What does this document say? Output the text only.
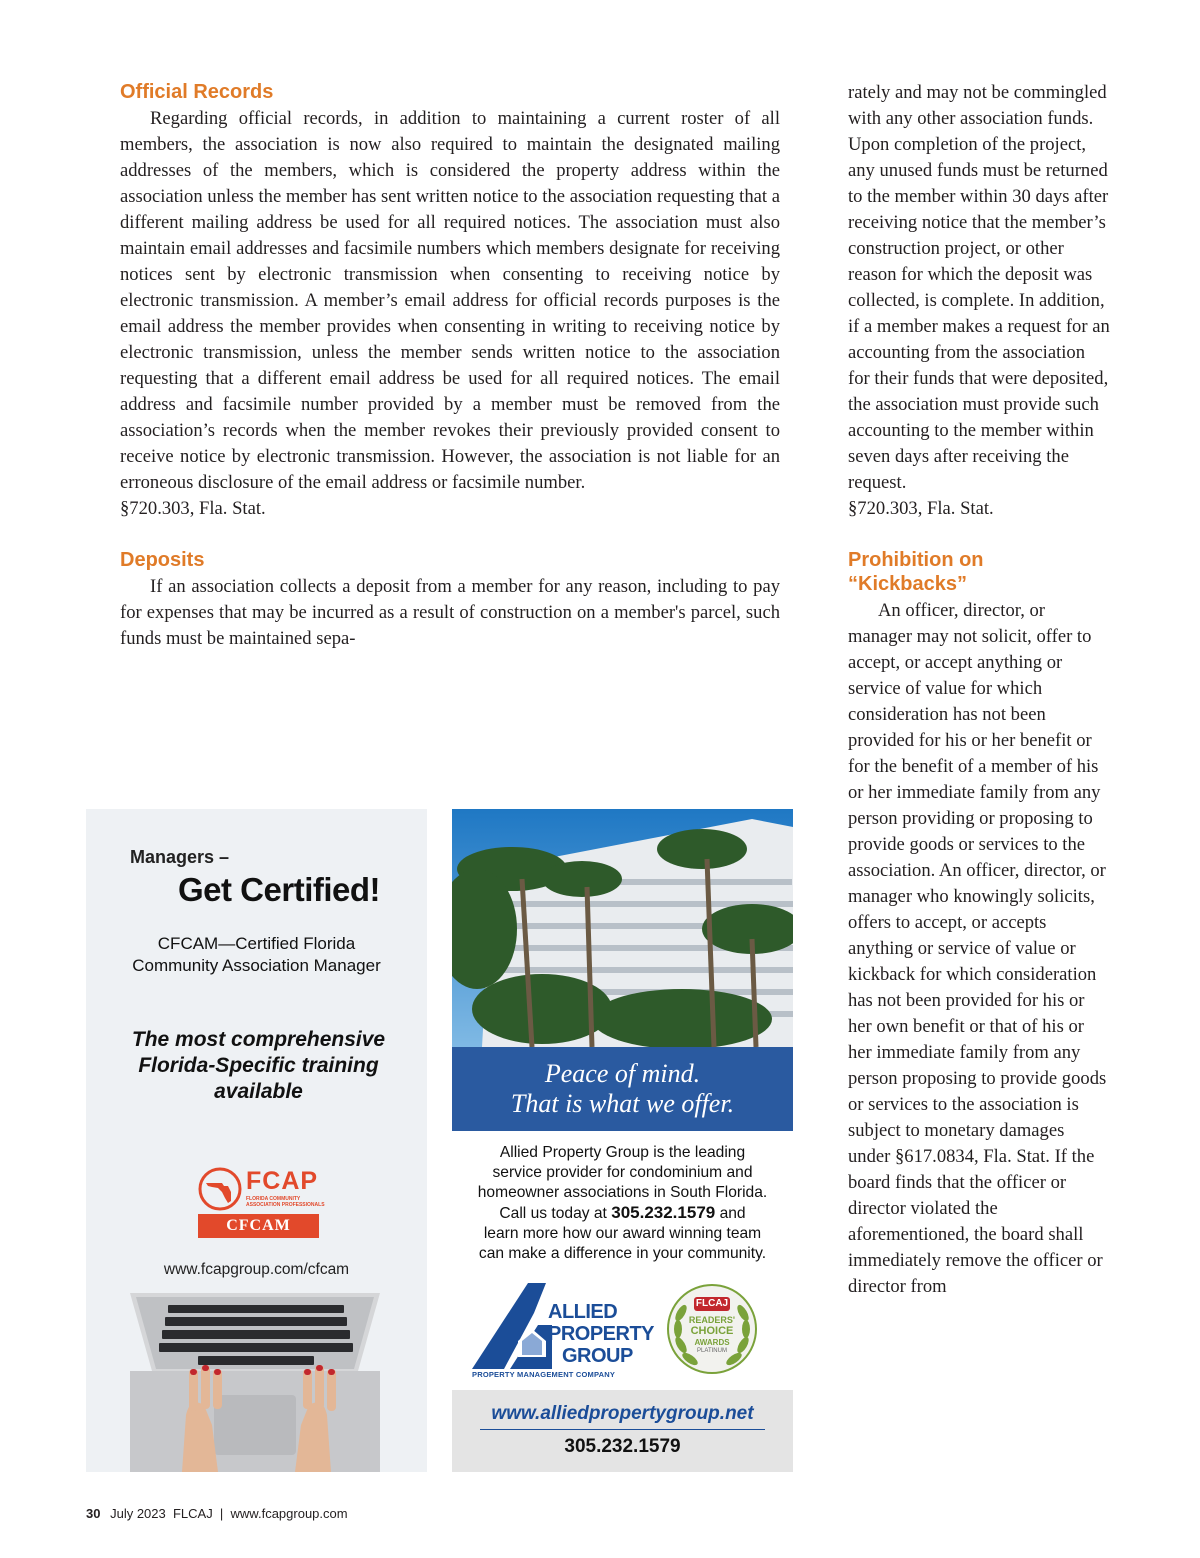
Official Records

Regarding official records, in addition to maintaining a current roster of all members, the association is now also required to maintain the designated mailing addresses of the members, which is considered the property address within the association unless the member has sent written notice to the association requesting that a different mailing address be used for all required notices. The association must also maintain email addresses and facsimile numbers which members designate for receiving notices sent by electronic transmission when consenting to receiving notice by electronic transmission. A member’s email address for official records purposes is the email address the member provides when consenting in writing to receiving notice by electronic transmission, unless the member sends written notice to the association requesting that a different email address be used for all required notices. The email address and facsimile number provided by a member must be removed from the association’s records when the member revokes their previously provided consent to receive notice by electronic transmission. However, the association is not liable for an erroneous disclosure of the email address or facsimile number.

§720.303, Fla. Stat.

Deposits

If an association collects a deposit from a member for any reason, including to pay for expenses that may be incurred as a result of construction on a member's parcel, such funds must be maintained sepa-

rately and may not be commingled with any other association funds. Upon completion of the project, any unused funds must be returned to the member within 30 days after receiving notice that the member’s construction project, or other reason for which the deposit was collected, is complete. In addition, if a member makes a request for an accounting from the association for their funds that were deposited, the association must provide such accounting to the member within seven days after receiving the request.

§720.303, Fla. Stat.

Prohibition on
“Kickbacks”

An officer, director, or manager may not solicit, offer to accept, or accept anything or service of value for which consideration has not been provided for his or her benefit or for the benefit of a member of his or her immediate family from any person providing or proposing to provide goods or services to the association. An officer, director, or manager who knowingly solicits, offers to accept, or accepts anything or service of value or kickback for which consideration has not been provided for his or her own benefit or that of his or her immediate family from any person proposing to provide goods or services to the association is subject to monetary damages under §617.0834, Fla. Stat. If the board finds that the officer or director violated the aforementioned, the board shall immediately remove the officer or director from

Managers –
Get Certified!
CFCAM—Certified Florida
Community Association Manager
The most comprehensive
Florida-Specific training
available
FCAP
FLORIDA COMMUNITY ASSOCIATION PROFESSIONALS
CFCAM
www.fcapgroup.com/cfcam
Peace of mind.
That is what we offer.
Allied Property Group is the leading
service provider for condominium and
homeowner associations in South Florida.
Call us today at 305.232.1579 and
learn more how our award winning team
can make a difference in your community.
ALLIED
PROPERTY
GROUP
PROPERTY MANAGEMENT COMPANY
FLCAJ
READERS'
CHOICE
AWARDS
PLATINUM
www.alliedpropertygroup.net
305.232.1579
30 July 2023  FLCAJ  |  www.fcapgroup.com
